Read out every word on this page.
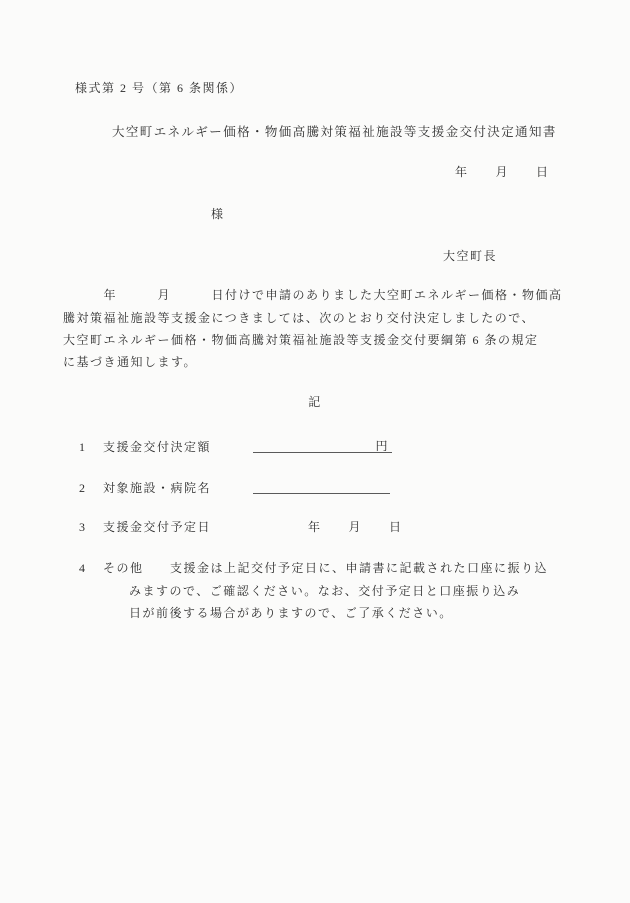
様式第 2 号（第 6 条関係）
大空町エネルギー価格・物価高騰対策福祉施設等支援金交付決定通知書
年　　月　　日
様
大空町長
　　　年　　　月　　　日付けで申請のありました大空町エネルギー価格・物価高
騰対策福祉施設等支援金につきましては、次のとおり交付決定しましたので、
大空町エネルギー価格・物価高騰対策福祉施設等支援金交付要綱第 6 条の規定
に基づき通知します。
記
1 支援金交付決定額	円
2 対象施設・病院名
3 支援金交付予定日	年　　月　　日
4 その他 支援金は上記交付予定日に、申請書に記載された口座に振り込
みますので、ご確認ください。なお、交付予定日と口座振り込み
日が前後する場合がありますので、ご了承ください。
